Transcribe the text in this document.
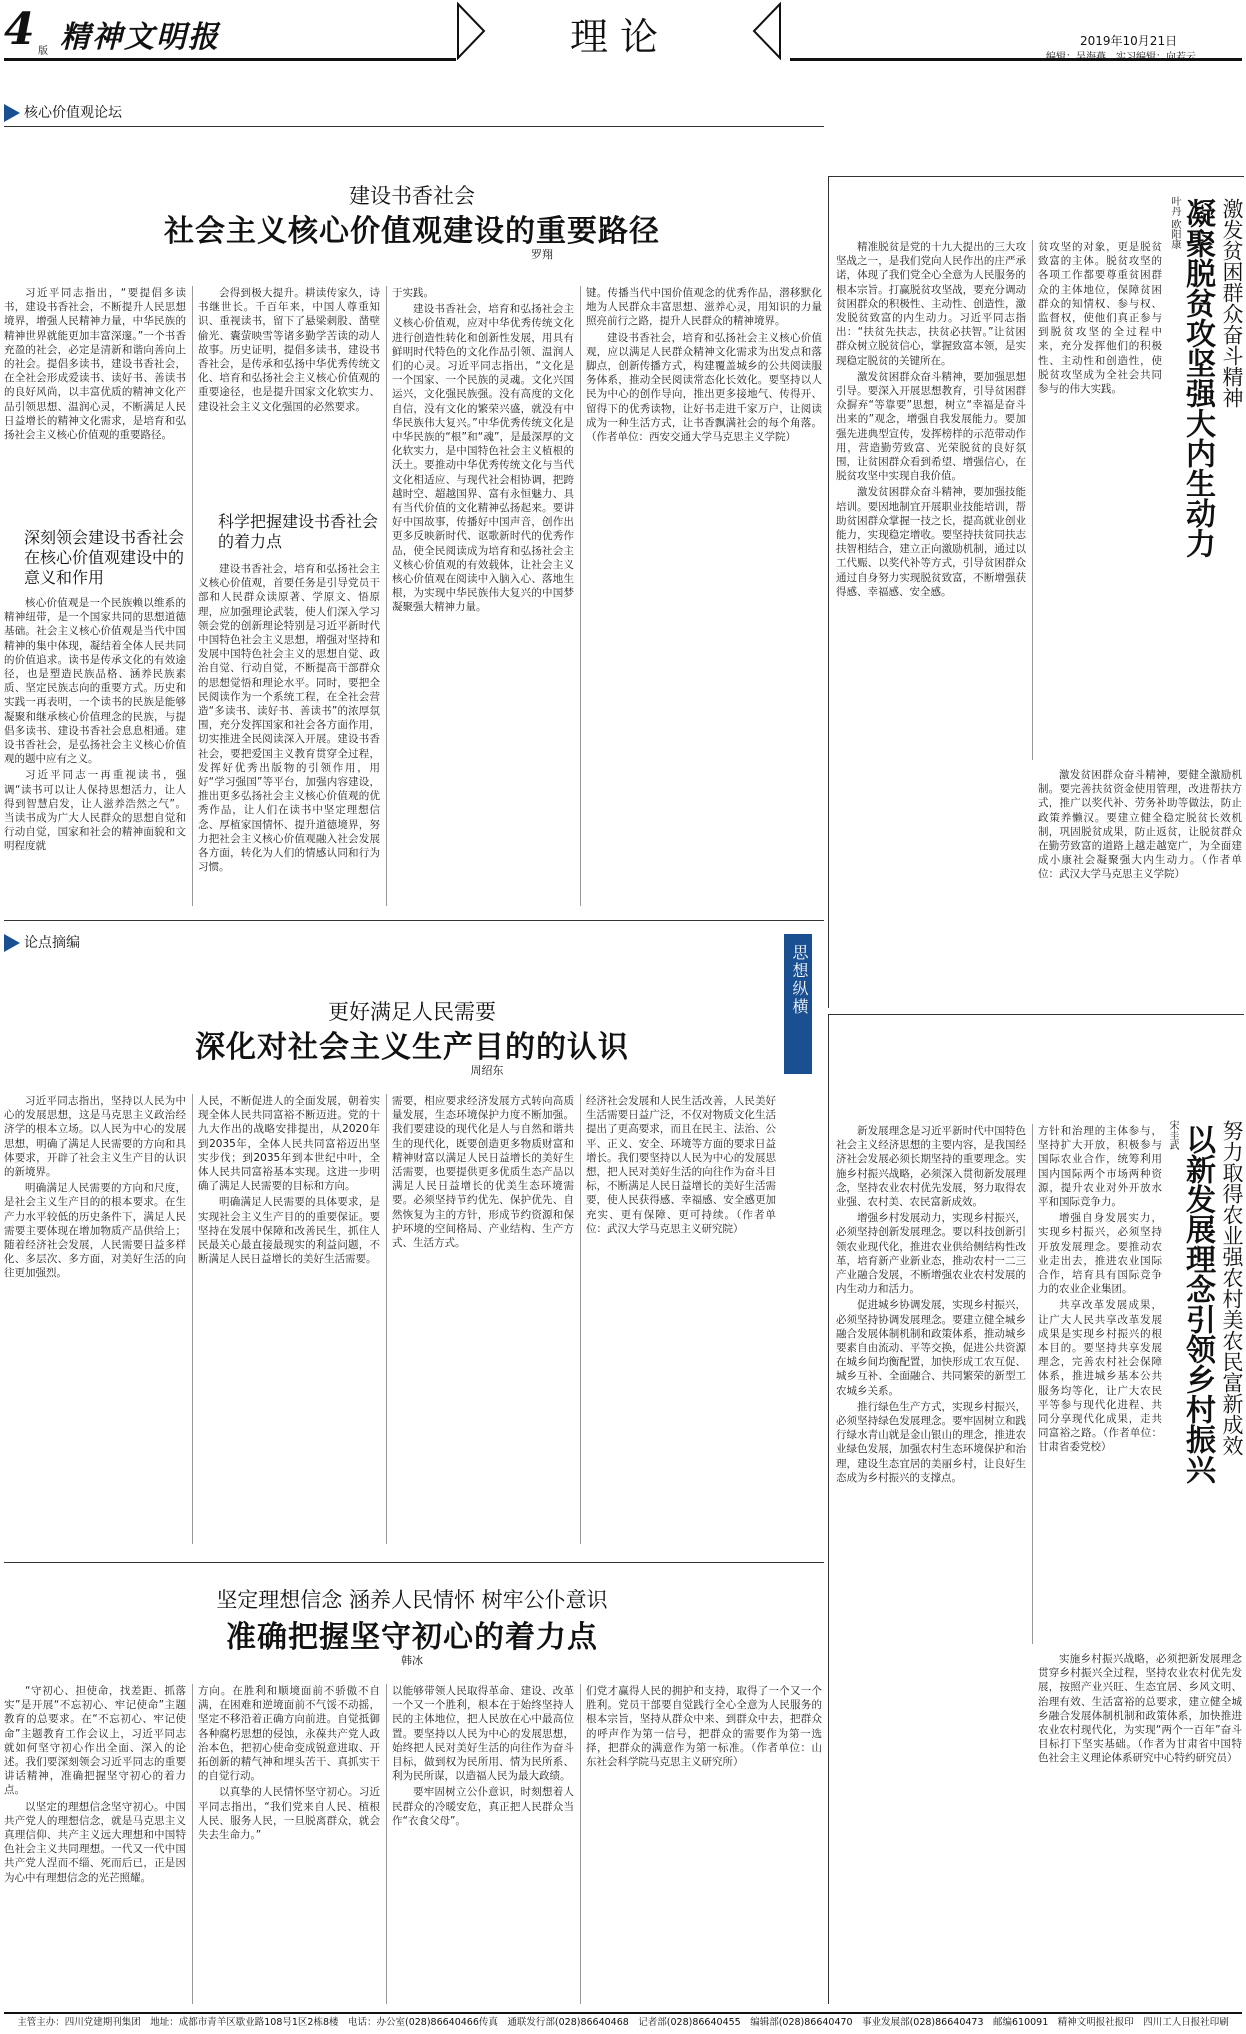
4 版 精神文明报	理论	2019年10月21日
编辑：吴海燕　实习编辑：向若云
核心价值观论坛
建设书香社会
社会主义核心价值观建设的重要路径
罗翔

习近平同志指出，“要提倡多读书，建设书香社会，不断提升人民思想境界，增强人民精神力量，中华民族的精神世界就能更加丰富深邃。”一个书香充盈的社会，必定是清新和谐向善向上的社会。提倡多读书，建设书香社会，在全社会形成爱读书、读好书、善读书的良好风尚，以丰富优质的精神文化产品引领思想、温润心灵，不断满足人民日益增长的精神文化需求，是培育和弘扬社会主义核心价值观的重要路径。

深刻领会建设书香社会在核心价值观建设中的意义和作用

核心价值观是一个民族赖以维系的精神纽带，是一个国家共同的思想道德基础。社会主义核心价值观是当代中国精神的集中体现，凝结着全体人民共同的价值追求。读书是传承文化的有效途径，也是塑造民族品格、涵养民族素质、坚定民族志向的重要方式。历史和实践一再表明，一个读书的民族是能够凝聚和继承核心价值理念的民族，与提倡多读书、建设书香社会息息相通。建设书香社会，是弘扬社会主义核心价值观的题中应有之义。

习近平同志一再重视读书，强调“读书可以让人保持思想活力，让人得到智慧启发，让人滋养浩然之气”。当读书成为广大人民群众的思想自觉和行动自觉，国家和社会的精神面貌和文明程度就

会得到极大提升。耕读传家久，诗书继世长。千百年来，中国人尊重知识、重视读书，留下了悬梁刺股、凿壁偷光、囊萤映雪等诸多勤学苦读的动人故事。历史证明，提倡多读书，建设书香社会，是传承和弘扬中华优秀传统文化、培育和弘扬社会主义核心价值观的重要途径，也是提升国家文化软实力、建设社会主义文化强国的必然要求。

科学把握建设书香社会的着力点

建设书香社会，培育和弘扬社会主义核心价值观，首要任务是引导党员干部和人民群众读原著、学原文、悟原理，应加强理论武装，使人们深入学习领会党的创新理论特别是习近平新时代中国特色社会主义思想，増强对坚持和发展中国特色社会主义的思想自觉、政治自觉、行动自觉，不断提高干部群众的思想觉悟和理论水平。同时，要把全民阅读作为一个系统工程，在全社会营造“多读书、读好书、善读书”的浓厚氛围，充分发挥国家和社会各方面作用，切实推进全民阅读深入开展。建设书香社会，要把爱国主义教育贯穿全过程，发挥好优秀出版物的引领作用，用好“学习强国”等平台，加强内容建设，推出更多弘扬社会主义核心价值观的优秀作品，让人们在读书中坚定理想信念、厚植家国情怀、提升道德境界，努力把社会主义核心价值观融入社会发展各方面，转化为人们的情感认同和行为习惯。

于实践。

建设书香社会，培育和弘扬社会主义核心价值观，应对中华优秀传统文化进行创造性转化和创新性发展，用具有鲜明时代特色的文化作品引领、温润人们的心灵。习近平同志指出，“文化是一个国家、一个民族的灵魂。文化兴国运兴，文化强民族强。没有高度的文化自信，没有文化的繁荣兴盛，就没有中华民族伟大复兴。”中华优秀传统文化是中华民族的“根”和“魂”，是最深厚的文化软实力，是中国特色社会主义植根的沃土。要推动中华优秀传统文化与当代文化相适应、与现代社会相协调，把跨越时空、超越国界、富有永恒魅力、具有当代价值的文化精神弘扬起来。要讲好中国故事，传播好中国声音，创作出更多反映新时代、讴歌新时代的优秀作品，使全民阅读成为培育和弘扬社会主义核心价值观的有效载体，让社会主义核心价值观在阅读中入脑入心、落地生根，为实现中华民族伟大复兴的中国梦凝聚强大精神力量。

键。传播当代中国价值观念的优秀作品，潜移默化地为人民群众丰富思想、滋养心灵，用知识的力量照亮前行之路，提升人民群众的精神境界。

建设书香社会，培育和弘扬社会主义核心价值观，应以满足人民群众精神文化需求为出发点和落脚点，创新传播方式，构建覆盖城乡的公共阅读服务体系，推动全民阅读常态化长效化。要坚持以人民为中心的创作导向，推出更多接地气、传得开、留得下的优秀读物，让好书走进千家万户，让阅读成为一种生活方式，让书香飘满社会的每个角落。（作者单位：西安交通大学马克思主义学院）

激发贫困群众奋斗精神
凝聚脱贫攻坚强大内生动力
叶丹 欧阳康

精准脱贫是党的十九大提出的三大攻坚战之一，是我们党向人民作出的庄严承诺，体现了我们党全心全意为人民服务的根本宗旨。打赢脱贫攻坚战，要充分调动贫困群众的积极性、主动性、创造性，激发脱贫致富的内生动力。习近平同志指出：“扶贫先扶志，扶贫必扶智。”让贫困群众树立脱贫信心，掌握致富本领，是实现稳定脱贫的关键所在。

激发贫困群众奋斗精神，要加强思想引导。要深入开展思想教育，引导贫困群众摒弃“等靠要”思想，树立“幸福是奋斗出来的”观念，增强自我发展能力。要加强先进典型宣传，发挥榜样的示范带动作用，营造勤劳致富、光荣脱贫的良好氛围，让贫困群众看到希望、增强信心，在脱贫攻坚中实现自我价值。

激发贫困群众奋斗精神，要加强技能培训。要因地制宜开展职业技能培训，帮助贫困群众掌握一技之长，提高就业创业能力，实现稳定增收。要坚持扶贫同扶志扶智相结合，建立正向激励机制，通过以工代赈、以奖代补等方式，引导贫困群众通过自身努力实现脱贫致富，不断增强获得感、幸福感、安全感。

贫攻坚的对象，更是脱贫致富的主体。脱贫攻坚的各项工作都要尊重贫困群众的主体地位，保障贫困群众的知情权、参与权、监督权，使他们真正参与到脱贫攻坚的全过程中来，充分发挥他们的积极性、主动性和创造性，使脱贫攻坚成为全社会共同参与的伟大实践。

激发贫困群众奋斗精神，要健全激励机制。要完善扶贫资金使用管理，改进帮扶方式，推广以奖代补、劳务补助等做法，防止政策养懒汉。要建立健全稳定脱贫长效机制，巩固脱贫成果，防止返贫，让脱贫群众在勤劳致富的道路上越走越宽广，为全面建成小康社会凝聚强大内生动力。（作者单位：武汉大学马克思主义学院）

论点摘编
更好满足人民需要
深化对社会主义生产目的的认识
周绍东

习近平同志指出，坚持以人民为中心的发展思想，这是马克思主义政治经济学的根本立场。以人民为中心的发展思想，明确了满足人民需要的方向和具体要求，开辟了社会主义生产目的认识的新境界。

明确满足人民需要的方向和尺度，是社会主义生产目的的根本要求。在生产力水平较低的历史条件下，满足人民需要主要体现在增加物质产品供给上；随着经济社会发展，人民需要日益多样化、多层次、多方面，对美好生活的向往更加强烈。

人民，不断促进人的全面发展，朝着实现全体人民共同富裕不断迈进。党的十九大作出的战略安排提出，从2020年到2035年，全体人民共同富裕迈出坚实步伐；到2035年到本世纪中叶，全体人民共同富裕基本实现。这进一步明确了满足人民需要的目标和方向。

明确满足人民需要的具体要求，是实现社会主义生产目的的重要保证。要坚持在发展中保障和改善民生，抓住人民最关心最直接最现实的利益问题，不断满足人民日益增长的美好生活需要。

需要，相应要求经济发展方式转向高质量发展，生态环境保护力度不断加强。我们要建设的现代化是人与自然和谐共生的现代化，既要创造更多物质财富和精神财富以满足人民日益增长的美好生活需要，也要提供更多优质生态产品以满足人民日益增长的优美生态环境需要。必须坚持节约优先、保护优先、自然恢复为主的方针，形成节约资源和保护环境的空间格局、产业结构、生产方式、生活方式。

经济社会发展和人民生活改善，人民美好生活需要日益广泛，不仅对物质文化生活提出了更高要求，而且在民主、法治、公平、正义、安全、环境等方面的要求日益增长。我们要坚持以人民为中心的发展思想，把人民对美好生活的向往作为奋斗目标，不断满足人民日益增长的美好生活需要，使人民获得感、幸福感、安全感更加充实、更有保障、更可持续。（作者单位：武汉大学马克思主义研究院）

思想纵横
努力取得农业强农村美农民富新成效
以新发展理念引领乡村振兴
宋圭武

新发展理念是习近平新时代中国特色社会主义经济思想的主要内容，是我国经济社会发展必须长期坚持的重要理念。实施乡村振兴战略，必须深入贯彻新发展理念，坚持农业农村优先发展，努力取得农业强、农村美、农民富新成效。

增强乡村发展动力，实现乡村振兴，必须坚持创新发展理念。要以科技创新引领农业现代化，推进农业供给侧结构性改革，培育新产业新业态，推动农村一二三产业融合发展，不断增强农业农村发展的内生动力和活力。

促进城乡协调发展，实现乡村振兴，必须坚持协调发展理念。要建立健全城乡融合发展体制机制和政策体系，推动城乡要素自由流动、平等交换，促进公共资源在城乡间均衡配置，加快形成工农互促、城乡互补、全面融合、共同繁荣的新型工农城乡关系。

推行绿色生产方式，实现乡村振兴，必须坚持绿色发展理念。要牢固树立和践行绿水青山就是金山银山的理念，推进农业绿色发展，加强农村生态环境保护和治理，建设生态宜居的美丽乡村，让良好生态成为乡村振兴的支撑点。

方针和治理的主体参与，坚持扩大开放，积极参与国际农业合作，统筹利用国内国际两个市场两种资源，提升农业对外开放水平和国际竞争力。

增强自身发展实力，实现乡村振兴，必须坚持开放发展理念。要推动农业走出去，推进农业国际合作，培育具有国际竞争力的农业企业集团。

共享改革发展成果，让广大人民共享改革发展成果是实现乡村振兴的根本目的。要坚持共享发展理念，完善农村社会保障体系，推进城乡基本公共服务均等化，让广大农民平等参与现代化进程、共同分享现代化成果，走共同富裕之路。（作者单位：甘肃省委党校）

实施乡村振兴战略，必须把新发展理念贯穿乡村振兴全过程，坚持农业农村优先发展，按照产业兴旺、生态宜居、乡风文明、治理有效、生活富裕的总要求，建立健全城乡融合发展体制机制和政策体系，加快推进农业农村现代化，为实现“两个一百年”奋斗目标打下坚实基础。（作者为甘肃省中国特色社会主义理论体系研究中心特约研究员）

坚定理想信念 涵养人民情怀 树牢公仆意识
准确把握坚守初心的着力点
韩冰

“守初心、担使命，找差距、抓落实”是开展“不忘初心、牢记使命”主题教育的总要求。在“不忘初心、牢记使命”主题教育工作会议上，习近平同志就如何坚守初心作出全面、深入的论述。我们要深刻领会习近平同志的重要讲话精神，准确把握坚守初心的着力点。

以坚定的理想信念坚守初心。中国共产党人的理想信念，就是马克思主义真理信仰、共产主义远大理想和中国特色社会主义共同理想。一代又一代中国共产党人涅而不缁、死而后已，正是因为心中有理想信念的光芒照耀。

方向。在胜利和顺境面前不骄傲不自满，在困难和逆境面前不气馁不动摇，坚定不移沿着正确方向前进。自觉抵御各种腐朽思想的侵蚀，永葆共产党人政治本色，把初心使命变成锐意进取、开拓创新的精气神和埋头苦干、真抓实干的自觉行动。

以真挚的人民情怀坚守初心。习近平同志指出，“我们党来自人民、植根人民、服务人民，一旦脱离群众，就会失去生命力。”

以能够带领人民取得革命、建设、改革一个又一个胜利，根本在于始终坚持人民的主体地位，把人民放在心中最高位置。要坚持以人民为中心的发展思想，始终把人民对美好生活的向往作为奋斗目标，做到权为民所用、情为民所系、利为民所谋，以造福人民为最大政绩。

要牢固树立公仆意识，时刻想着人民群众的冷暖安危，真正把人民群众当作“衣食父母”。

们党才赢得人民的拥护和支持，取得了一个又一个胜利。党员干部要自觉践行全心全意为人民服务的根本宗旨，坚持从群众中来、到群众中去，把群众的呼声作为第一信号，把群众的需要作为第一选择，把群众的满意作为第一标准。（作者单位：山东社会科学院马克思主义研究所）

主管主办：四川党建期刊集团　地址：成都市青羊区歇业路108号1区2栋8楼　电话：办公室(028)86640466传真　通联发行部(028)86640468　记者部(028)86640455　编辑部(028)86640470　事业发展部(028)86640473　邮编610091　精神文明报社报印　四川工人日报社印刷
